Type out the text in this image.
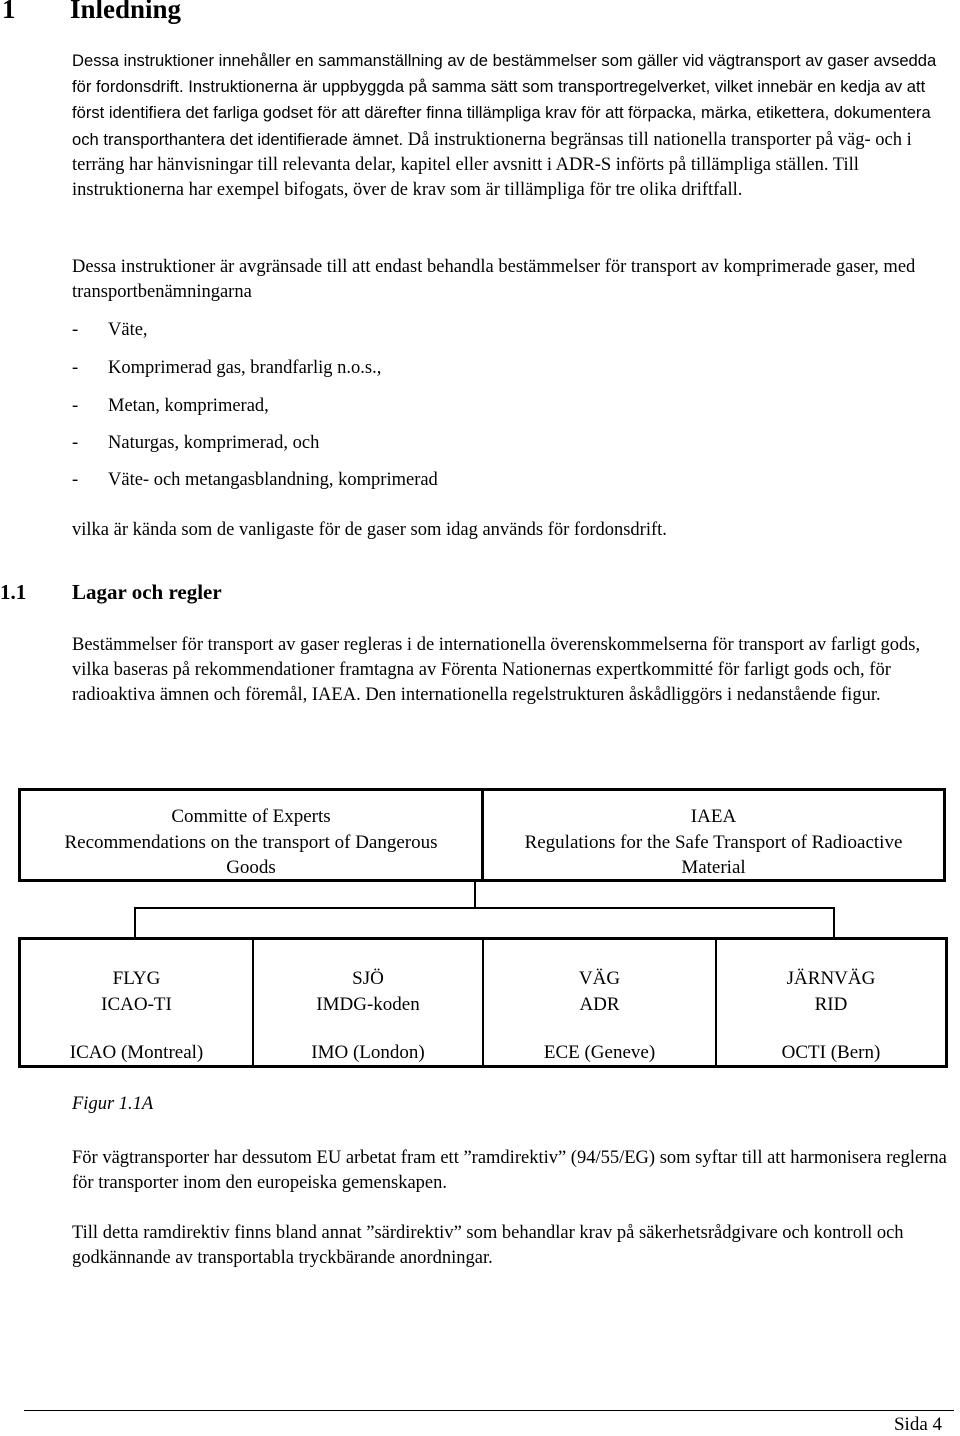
1 Inledning
Dessa instruktioner innehåller en sammanställning av de bestämmelser som gäller vid vägtransport av gaser avsedda för fordonsdrift. Instruktionerna är uppbyggda på samma sätt som transportregelverket, vilket innebär en kedja av att först identifiera det farliga godset för att därefter finna tillämpliga krav för att förpacka, märka, etikettera, dokumentera och transporthantera det identifierade ämnet. Då instruktionerna begränsas till nationella transporter på väg- och i terräng har hänvisningar till relevanta delar, kapitel eller avsnitt i ADR-S införts på tillämpliga ställen. Till instruktionerna har exempel bifogats, över de krav som är tillämpliga för tre olika driftfall.
Dessa instruktioner är avgränsade till att endast behandla bestämmelser för transport av komprimerade gaser, med transportbenämningarna
- Väte,
- Komprimerad gas, brandfarlig n.o.s.,
- Metan, komprimerad,
- Naturgas, komprimerad, och
- Väte- och metangasblandning, komprimerad
vilka är kända som de vanligaste för de gaser som idag används för fordonsdrift.
1.1 Lagar och regler
Bestämmelser för transport av gaser regleras i de internationella överenskommelserna för transport av farligt gods, vilka baseras på rekommendationer framtagna av Förenta Nationernas expertkommitté för farligt gods och, för radioaktiva ämnen och föremål, IAEA. Den internationella regelstrukturen åskådliggörs i nedanstående figur.
Committe of Experts
Recommendations on the transport of Dangerous
Goods
IAEA
Regulations for the Safe Transport of Radioactive
Material
FLYG
ICAO-TI
ICAO (Montreal)
SJÖ
IMDG-koden
IMO (London)
VÄG
ADR
ECE (Geneve)
JÄRNVÄG
RID
OCTI (Bern)
Figur 1.1A
För vägtransporter har dessutom EU arbetat fram ett ”ramdirektiv” (94/55/EG) som syftar till att harmonisera reglerna för transporter inom den europeiska gemenskapen.
Till detta ramdirektiv finns bland annat ”särdirektiv” som behandlar krav på säkerhetsrådgivare och kontroll och godkännande av transportabla tryckbärande anordningar.
Sida 4
